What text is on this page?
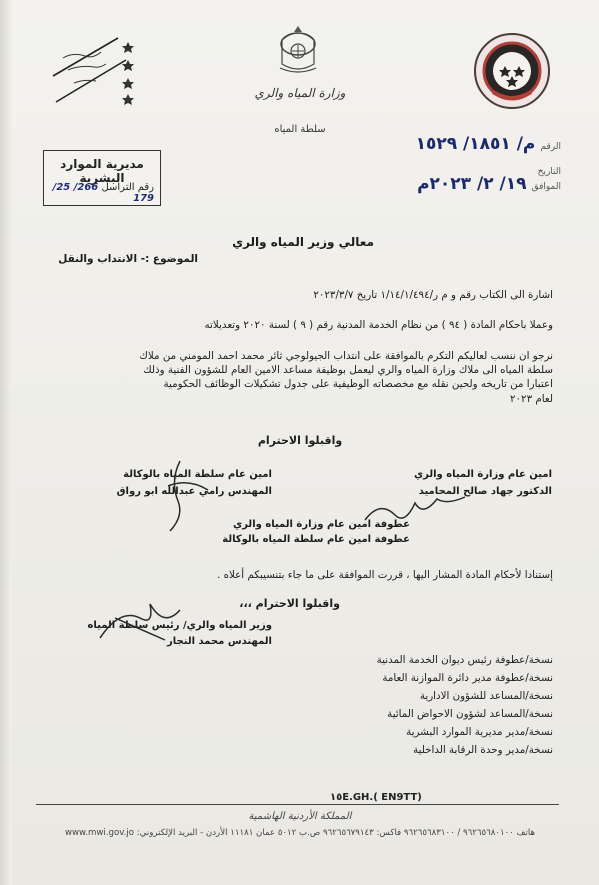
وزارة المياه والري
سلطة المياه
الرقم م/ ١٨٥١/ ١٥٢٩
التاريخ
الموافق ١٩/ ٢/ ٢٠٢٣م
مديرية الموارد البشرية
رقم التراسل 266/ 25/ 179
معالي وزير المياه والري
الموضوع :- الانتداب والنقل
اشارة الى الكتاب رقم و م ر/١/١٤/١/٤٩٤ تاريخ ٢٠٢٣/٣/٧
وعملا باحكام المادة ( ٩٤ ) من نظام الخدمة المدنية رقم ( ٩ ) لسنة ٢٠٢٠ وتعديلاته
نرجو ان ننسب لعاليكم التكرم بالموافقة على انتداب الجيولوجي ثائر محمد احمد المومني من ملاك
سلطة المياه الى ملاك وزارة المياه والري ليعمل بوظيفة مساعد الامين العام للشؤون الفنية وذلك
اعتبارا من تاريخه ولحين نقله مع مخصصاته الوظيفية على جدول تشكيلات الوظائف الحكومية
لعام ٢٠٢٣
واقبلوا الاحترام
امين عام وزارة المياه والري
الدكتور جهاد صالح المحاميد
امين عام سلطة المياه بالوكالة
المهندس رامي عبدالله ابو رواق
عطوفة امين عام وزارة المياه والري
عطوفة امين عام سلطة المياه بالوكالة
إستنادا لأحكام المادة المشار اليها ، قررت الموافقة على ما جاء بتنسيبكم أعلاه .
واقبلوا الاحترام ،،،
وزير المياه والري/ رئيس سلطة المياه
المهندس محمد النجار
نسخة/عطوفة رئيس ديوان الخدمة المدنية
نسخة/عطوفة مدير دائرة الموازنة العامة
نسخة/المساعد للشؤون الادارية
نسخة/المساعد لشؤون الاحواض المائية
نسخة/مدير مديرية الموارد البشرية
نسخة/مدير وحدة الرقابة الداخلية
١٥E.GH.( EN9TT)
المملكة الأردنية الهاشمية
هاتف ٩٦٢٦٥٦٨٠١٠٠ / ٩٦٢٦٥٦٨٣١٠٠ فاكس: ٩٦٢٦٥٦٧٩١٤٣ ص.ب ٥٠١٢ عمان ١١١٨١ الأردن - البريد الإلكتروني: www.mwi.gov.jo
